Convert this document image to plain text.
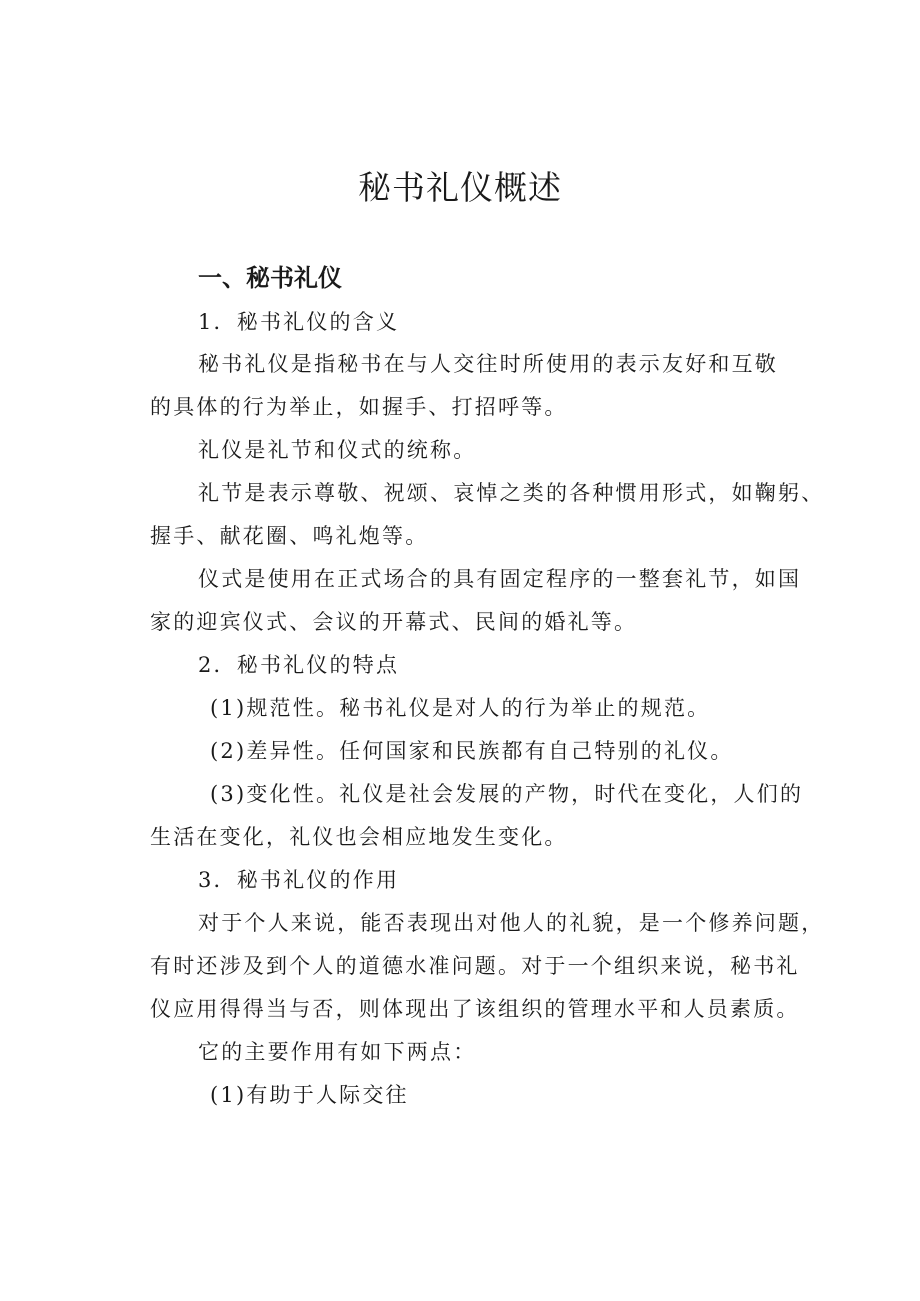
秘书礼仪概述
一、秘书礼仪

1．秘书礼仪的含义

秘书礼仪是指秘书在与人交往时所使用的表示友好和互敬

的具体的行为举止，如握手、打招呼等。

礼仪是礼节和仪式的统称。

礼节是表示尊敬、祝颂、哀悼之类的各种惯用形式，如鞠躬、

握手、献花圈、鸣礼炮等。

仪式是使用在正式场合的具有固定程序的一整套礼节，如国

家的迎宾仪式、会议的开幕式、民间的婚礼等。

2．秘书礼仪的特点

(1)规范性。秘书礼仪是对人的行为举止的规范。

(2)差异性。任何国家和民族都有自己特别的礼仪。

(3)变化性。礼仪是社会发展的产物，时代在变化，人们的

生活在变化，礼仪也会相应地发生变化。

3．秘书礼仪的作用

对于个人来说，能否表现出对他人的礼貌，是一个修养问题，

有时还涉及到个人的道德水准问题。对于一个组织来说，秘书礼

仪应用得得当与否，则体现出了该组织的管理水平和人员素质。

它的主要作用有如下两点：

(1)有助于人际交往
